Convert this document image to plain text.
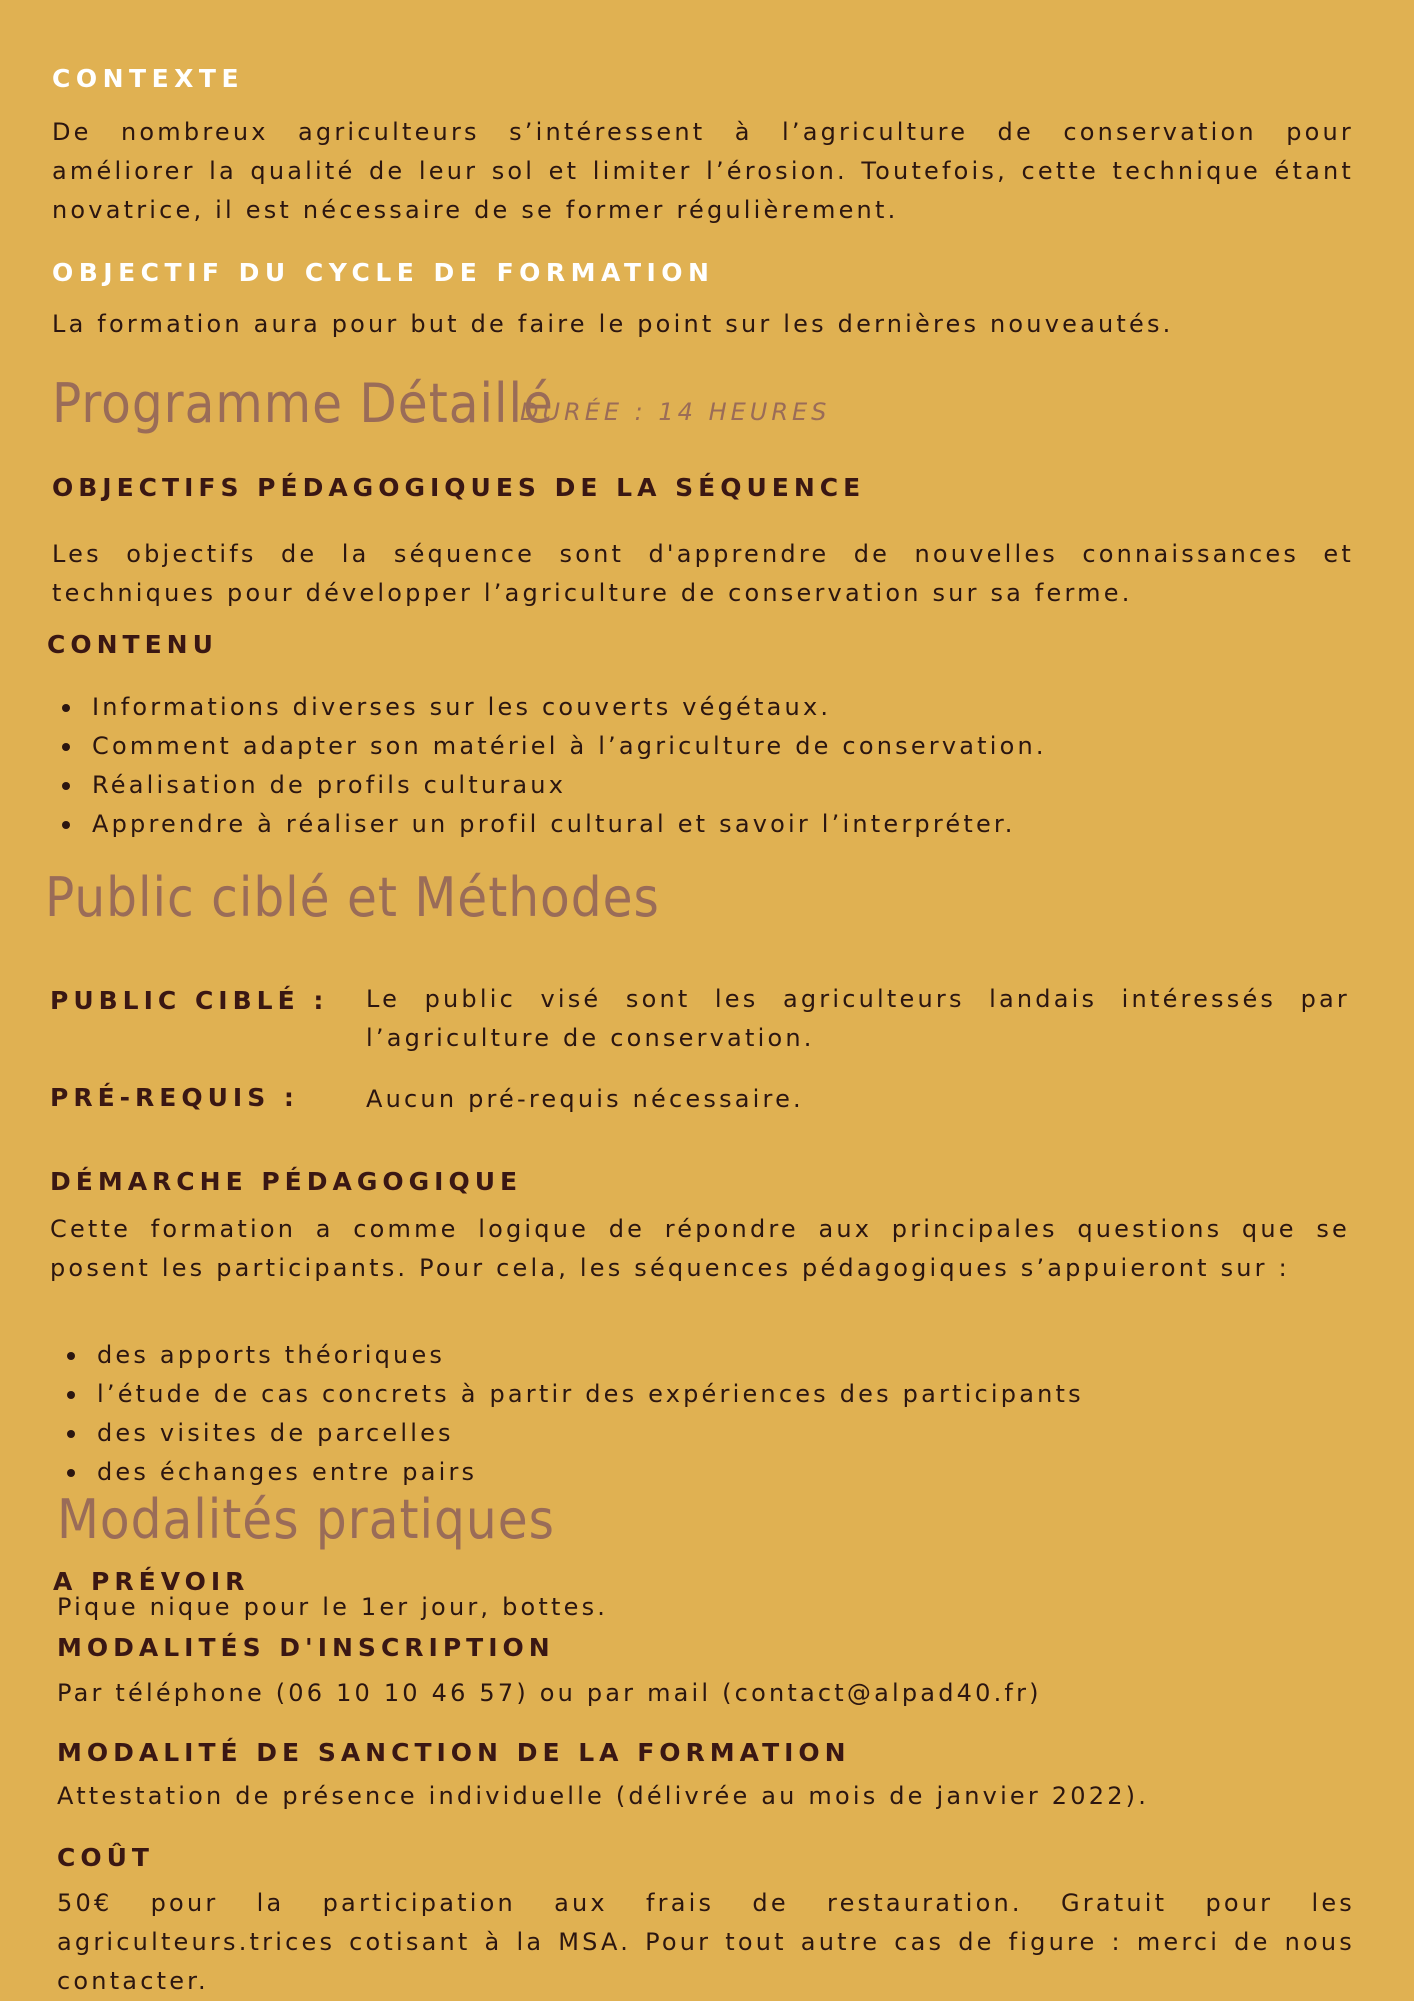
CONTEXTE
De nombreux agriculteurs s’intéressent à l’agriculture de conservation pour améliorer la qualité de leur sol et limiter l’érosion. Toutefois, cette technique étant novatrice, il est nécessaire de se former régulièrement.
OBJECTIF DU CYCLE DE FORMATION
La formation aura pour but de faire le point sur les dernières nouveautés.
Programme Détaillé
DURÉE : 14 HEURES
OBJECTIFS PÉDAGOGIQUES DE LA SÉQUENCE
Les objectifs de la séquence sont d'apprendre de nouvelles connaissances et techniques pour développer l’agriculture de conservation sur sa ferme.
CONTENU
Informations diverses sur les couverts végétaux.
Comment adapter son matériel à l’agriculture de conservation.
Réalisation de profils culturaux
Apprendre à réaliser un profil cultural et savoir l’interpréter.
Public ciblé et Méthodes
PUBLIC CIBLÉ : Le public visé sont les agriculteurs landais intéressés par l’agriculture de conservation.
PRÉ-REQUIS :	Aucun pré-requis nécessaire.
DÉMARCHE PÉDAGOGIQUE
Cette formation a comme logique de répondre aux principales questions que se posent les participants. Pour cela, les séquences pédagogiques s’appuieront sur :
des apports théoriques
l’étude de cas concrets à partir des expériences des participants
des visites de parcelles
des échanges entre pairs
Modalités pratiques
A PRÉVOIR
Pique nique pour le 1er jour, bottes.
MODALITÉS D'INSCRIPTION
Par téléphone (06 10 10 46 57) ou par mail (contact@alpad40.fr)
MODALITÉ DE SANCTION DE LA FORMATION
Attestation de présence individuelle (délivrée au mois de janvier 2022).
COÛT
50€ pour la participation aux frais de restauration. Gratuit pour les agriculteurs.trices cotisant à la MSA. Pour tout autre cas de figure : merci de nous contacter.
